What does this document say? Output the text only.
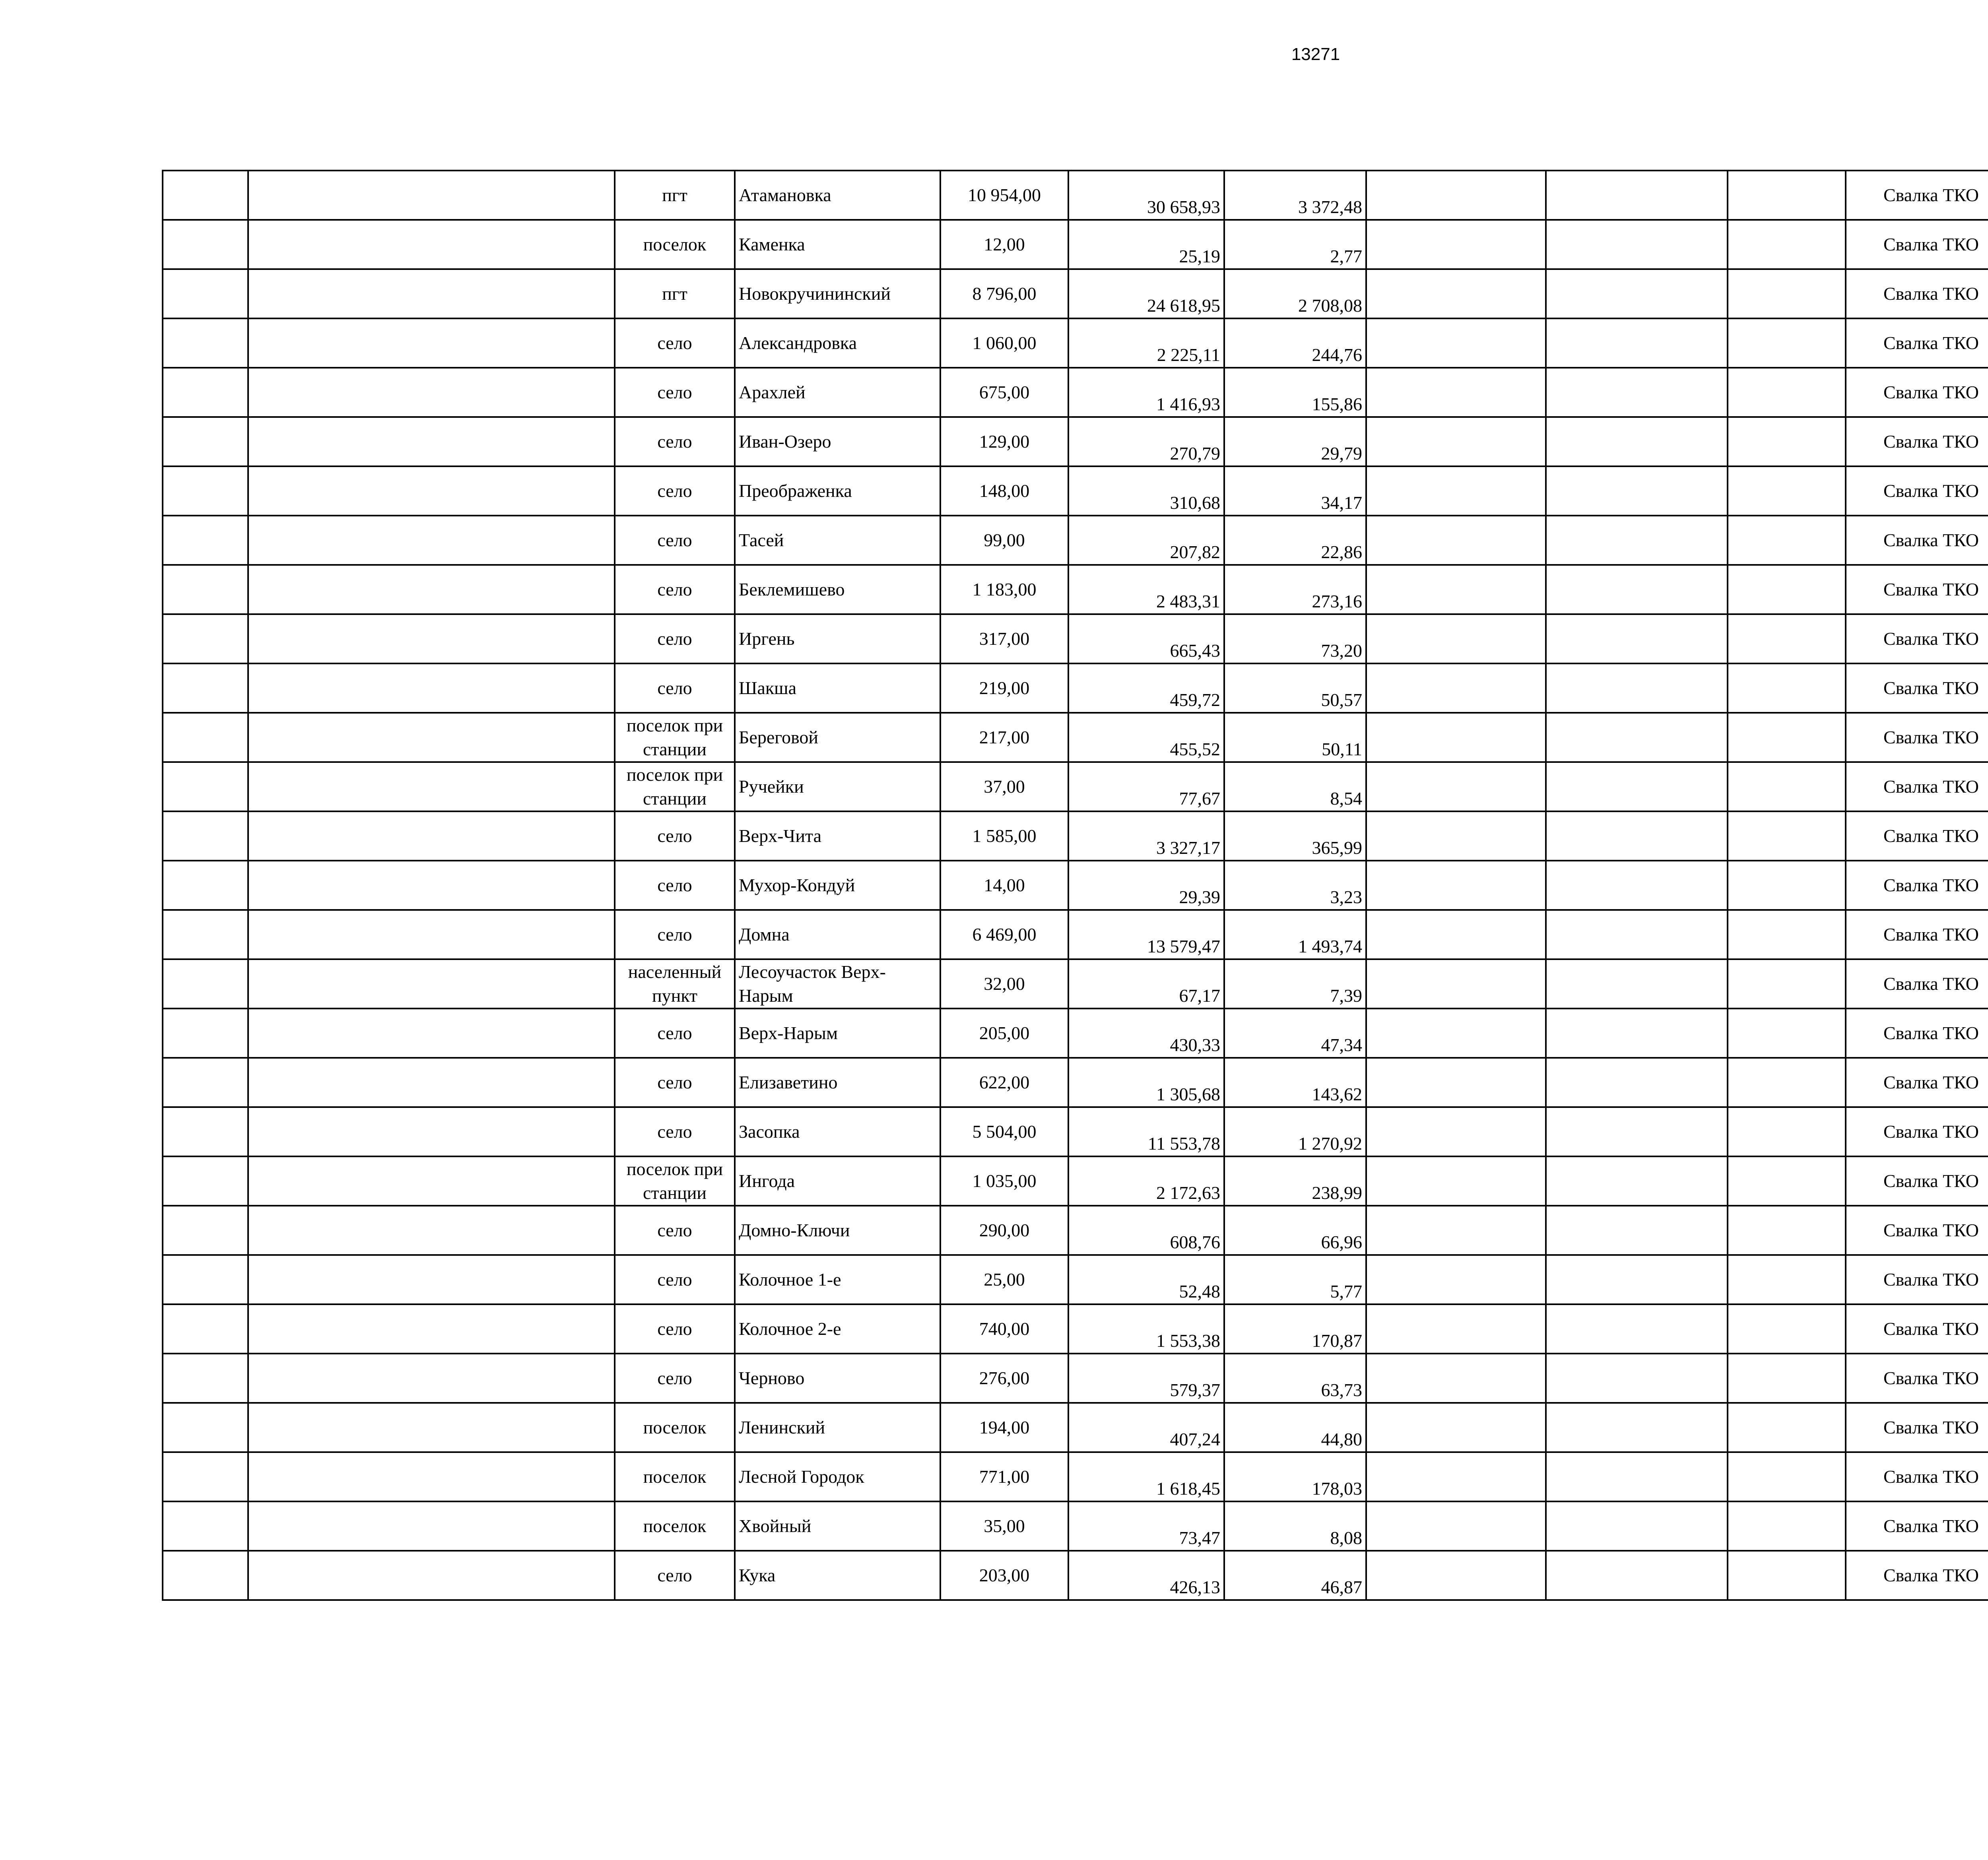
13271
		пгт	Атамановка	10 954,00	30 658,93	3 372,48				Свалка ТКО	

		поселок	Каменка	12,00	25,19	2,77				Свалка ТКО	

		пгт	Новокручининский	8 796,00	24 618,95	2 708,08				Свалка ТКО	

		село	Александровка	1 060,00	2 225,11	244,76				Свалка ТКО	

		село	Арахлей	675,00	1 416,93	155,86				Свалка ТКО	

		село	Иван-Озеро	129,00	270,79	29,79				Свалка ТКО	

		село	Преображенка	148,00	310,68	34,17				Свалка ТКО	

		село	Тасей	99,00	207,82	22,86				Свалка ТКО	

		село	Беклемишево	1 183,00	2 483,31	273,16				Свалка ТКО	

		село	Иргень	317,00	665,43	73,20				Свалка ТКО	

		село	Шакша	219,00	459,72	50,57				Свалка ТКО	

		поселок при станции	Береговой	217,00	455,52	50,11				Свалка ТКО	

		поселок при станции	Ручейки	37,00	77,67	8,54				Свалка ТКО	

		село	Верх-Чита	1 585,00	3 327,17	365,99				Свалка ТКО	

		село	Мухор-Кондуй	14,00	29,39	3,23				Свалка ТКО	

		село	Домна	6 469,00	13 579,47	1 493,74				Свалка ТКО	

		населенный пункт	Лесоучасток Верх-Нарым	32,00	67,17	7,39				Свалка ТКО	

		село	Верх-Нарым	205,00	430,33	47,34				Свалка ТКО	

		село	Елизаветино	622,00	1 305,68	143,62				Свалка ТКО	

		село	Засопка	5 504,00	11 553,78	1 270,92				Свалка ТКО	

		поселок при станции	Ингода	1 035,00	2 172,63	238,99				Свалка ТКО	

		село	Домно-Ключи	290,00	608,76	66,96				Свалка ТКО	

		село	Колочное 1-е	25,00	52,48	5,77				Свалка ТКО	

		село	Колочное 2-е	740,00	1 553,38	170,87				Свалка ТКО	

		село	Черново	276,00	579,37	63,73				Свалка ТКО	

		поселок	Ленинский	194,00	407,24	44,80				Свалка ТКО	

		поселок	Лесной Городок	771,00	1 618,45	178,03				Свалка ТКО	

		поселок	Хвойный	35,00	73,47	8,08				Свалка ТКО	

		село	Кука	203,00	426,13	46,87				Свалка ТКО	
